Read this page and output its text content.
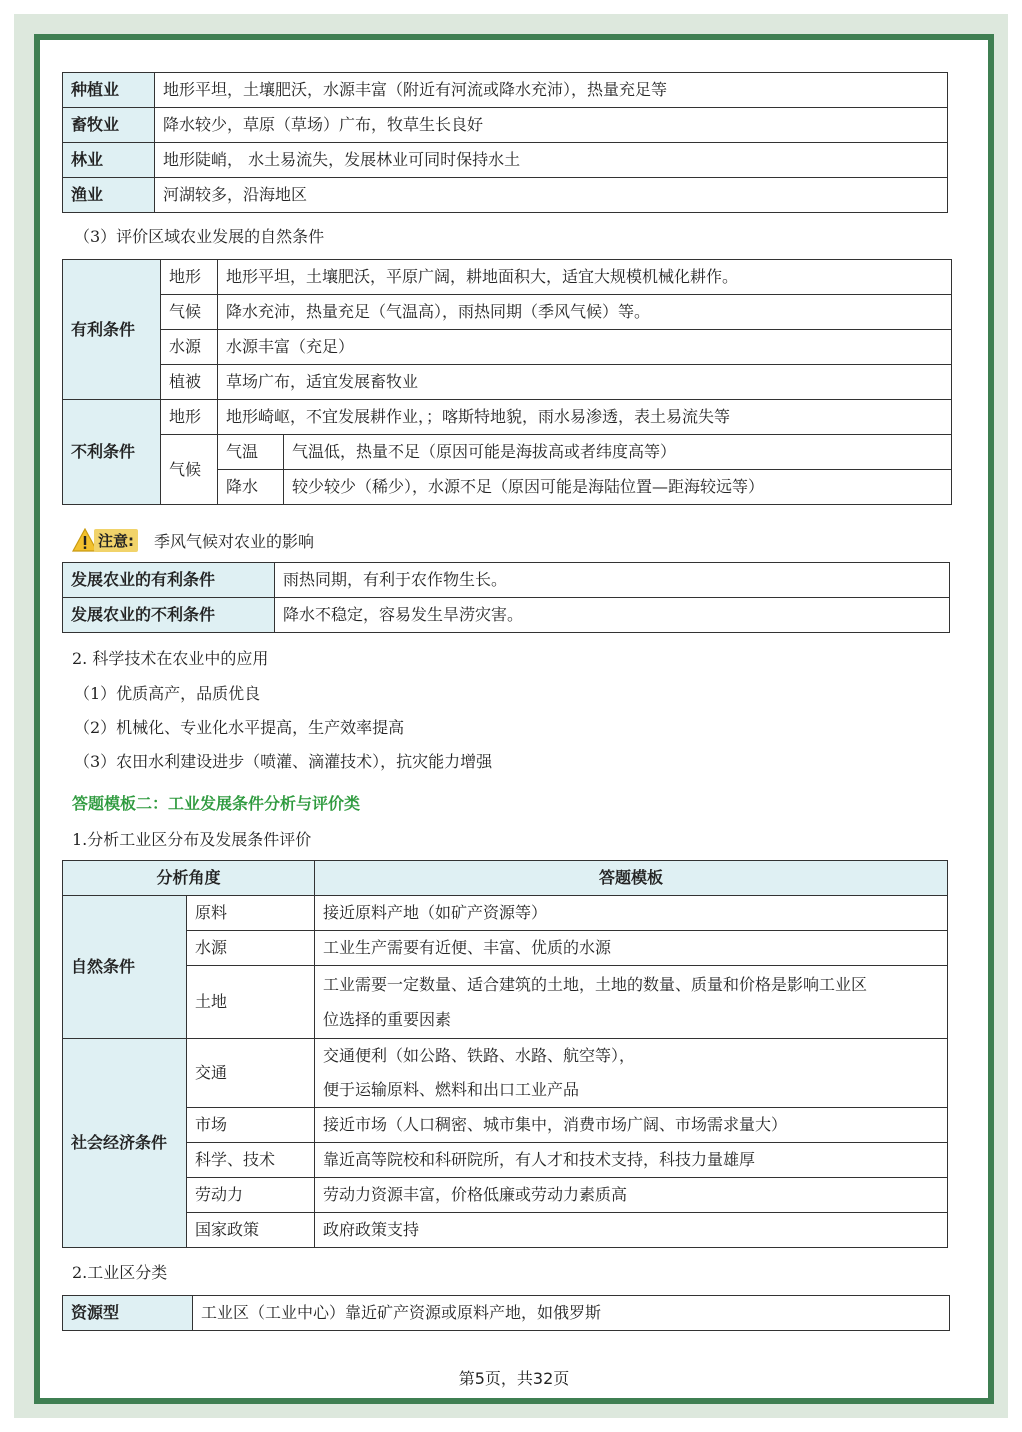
种植业	地形平坦，土壤肥沃，水源丰富（附近有河流或降水充沛），热量充足等
畜牧业	降水较少，草原（草场）广布，牧草生长良好
林业	地形陡峭， 水土易流失，发展林业可同时保持水土
渔业	河湖较多，沿海地区
（3）评价区域农业发展的自然条件
有利条件	地形	地形平坦，土壤肥沃，平原广阔，耕地面积大，适宜大规模机械化耕作。	
	气候	降水充沛，热量充足（气温高），雨热同期（季风气候）等。	
	水源	水源丰富（充足）	
	植被	草场广布，适宜发展畜牧业	
不利条件	地形	地形崎岖，不宜发展耕作业，；喀斯特地貌，雨水易渗透，表土易流失等	
	气候	气温	气温低，热量不足（原因可能是海拔高或者纬度高等）
		降水	较少较少（稀少），水源不足（原因可能是海陆位置—距海较远等）
注意: 季风气候对农业的影响
发展农业的有利条件	雨热同期，有利于农作物生长。
发展农业的不利条件	降水不稳定，容易发生旱涝灾害。
2. 科学技术在农业中的应用
（1）优质高产，品质优良
（2）机械化、专业化水平提高，生产效率提高
（3）农田水利建设进步（喷灌、滴灌技术），抗灾能力增强
答题模板二：工业发展条件分析与评价类
1.分析工业区分布及发展条件评价
分析角度		答题模板
自然条件	原料	接近原料产地（如矿产资源等）
	水源	工业生产需要有近便、丰富、优质的水源
	土地	工业需要一定数量、适合建筑的土地，土地的数量、质量和价格是影响工业区
位选择的重要因素

社会经济条件	交通	交通便利（如公路、铁路、水路、航空等），
便于运输原料、燃料和出口工业产品

	市场	接近市场（人口稠密、城市集中，消费市场广阔、市场需求量大）
	科学、技术	靠近高等院校和科研院所，有人才和技术支持，科技力量雄厚
	劳动力	劳动力资源丰富，价格低廉或劳动力素质高
	国家政策	政府政策支持
2.工业区分类
资源型	工业区（工业中心）靠近矿产资源或原料产地，如俄罗斯
第5页，共32页
